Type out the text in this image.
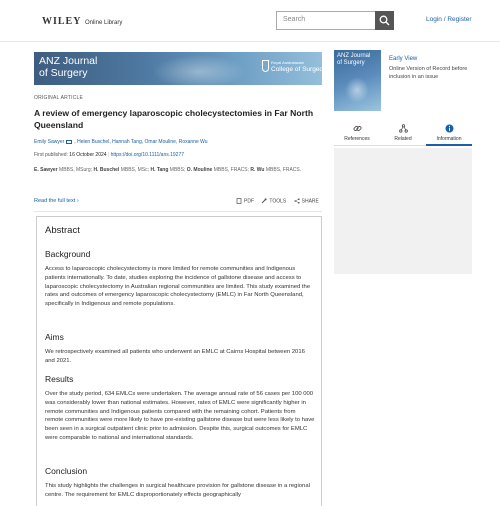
WILEY Online Library	Search	Login / Register
ANZ Journal
of Surgery
Royal Australasian
College of Surgeons
ORIGINAL ARTICLE
A review of emergency laparoscopic cholecystectomies in Far North Queensland
Emily Sawyer , Helen Buschel, Hannah Tang, Omar Mouline, Roxanne Wu
First published: 16 October 2024 | https://doi.org/10.1111/ans.19277
E. Sawyer MBBS, MSurg; H. Buschel MBBS, MSc; H. Tang MBBS; O. Mouline MBBS, FRACS; R. Wu MBBS, FRACS.
Read the full text ›	PDF	TOOLS	SHARE
Abstract
Background
Access to laparoscopic cholecystectomy is more limited for remote communities and Indigenous patients internationally. To date, studies exploring the incidence of gallstone disease and access to laparoscopic cholecystectomy in Australian regional communities are limited. This study examined the rates and outcomes of emergency laparoscopic cholecystectomy (EMLC) in Far North Queensland, specifically in Indigenous and remote populations.
Aims
We retrospectively examined all patients who underwent an EMLC at Cairns Hospital between 2016 and 2021.
Results
Over the study period, 634 EMLCs were undertaken. The average annual rate of 56 cases per 100 000 was considerably lower than national estimates. However, rates of EMLC were significantly higher in remote communities and Indigenous patients compared with the remaining cohort. Patients from remote communities were more likely to have pre-existing gallstone disease but were less likely to have been seen in a surgical outpatient clinic prior to admission. Despite this, surgical outcomes for EMLC were comparable to national and international standards.
Conclusion
This study highlights the challenges in surgical healthcare provision for gallstone disease in a regional centre. The requirement for EMLC disproportionately effects geographically
ANZ Journal
of Surgery
Early View
Online Version of Record before inclusion in an issue
References	Related	Information
